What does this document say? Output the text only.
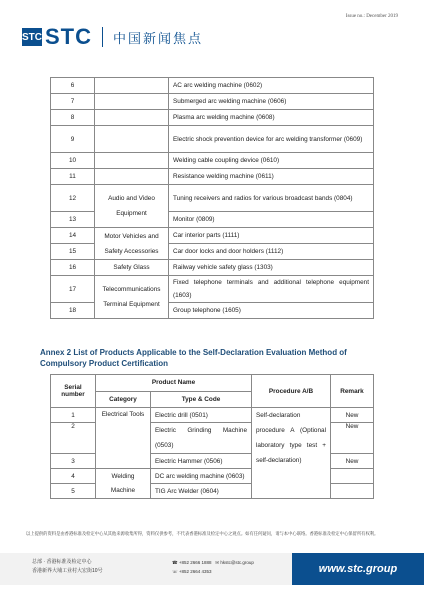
Issue no.: December 2019
STC STC 中国新闻焦点
6		AC arc welding machine (0602)
7		Submerged arc welding machine (0606)
8		Plasma arc welding machine (0608)
9		Electric shock prevention device for arc welding transformer (0609)
10		Welding cable coupling device (0610)
11		Resistance welding machine (0611)
12	Audio and Video Equipment	Tuning receivers and radios for various broadcast bands (0804)
13		Monitor (0809)
14	Motor Vehicles and Safety Accessories	Car interior parts (1111)
15		Car door locks and door holders (1112)
16	Safety Glass	Railway vehicle safety glass (1303)
17	Telecommunications Terminal Equipment	Fixed telephone terminals and additional telephone equipment (1603)
18		Group telephone (1605)
Annex 2 List of Products Applicable to the Self-Declaration Evaluation Method of Compulsory Product Certification
Serial number	Product Name		Procedure A/B	Remark
	Category	Type & Code		
1	Electrical Tools	Electric drill (0501)	Self-declaration procedure A (Optional laboratory type test + self-declaration)	New
2		Electric Grinding Machine (0503)		New
3		Electric Hammer (0506)		New
4	Welding Machine	DC arc welding machine (0603)		
5		TIG Arc Welder (0604)		
以上提供的资料是由香港标准及检定中心从其他来源收集所得，资料仅供参考，不代表香港标准及检定中心之观点。如有任何疑问，请与本中心联络。香港标准及检定中心保留所有权利。
总部 · 香港标准及检定中心
香港新界大埔工业村大宏街10号
☎ +852 2666 1888 ✉ hkstc@stc.group
☏ +852 2664 4353	www.stc.group
